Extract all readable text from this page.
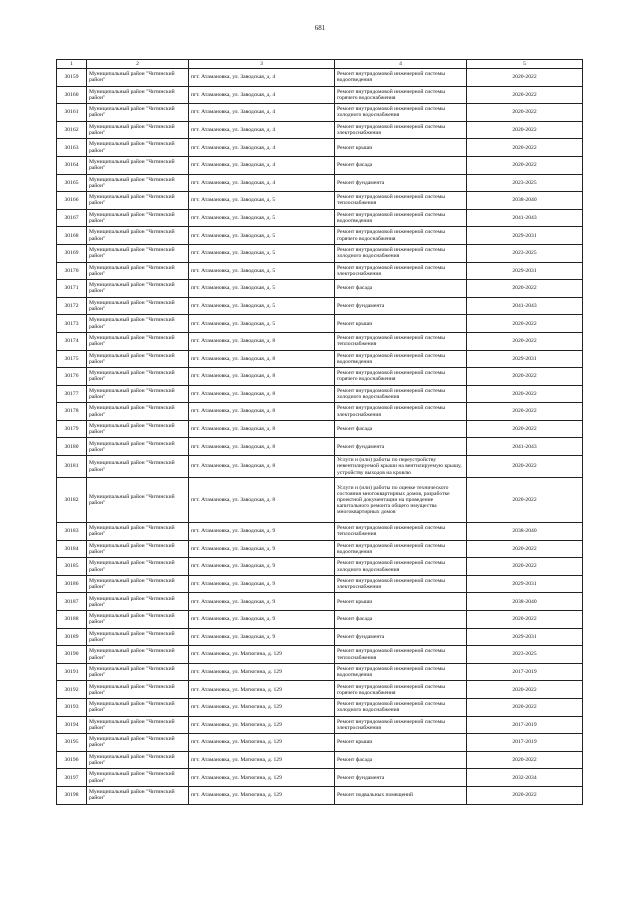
681
1	2	3	4	5
30159	Муниципальный район "Читинский район"	пгт. Атамановка, ул. Заводская, д. 4	Ремонт внутридомовой инженерной системы водоотведения	2020-2022
30160	Муниципальный район "Читинский район"	пгт. Атамановка, ул. Заводская, д. 4	Ремонт внутридомовой инженерной системы горячего водоснабжения	2020-2022
30161	Муниципальный район "Читинский район"	пгт. Атамановка, ул. Заводская, д. 4	Ремонт внутридомовой инженерной системы холодного водоснабжения	2020-2022
30162	Муниципальный район "Читинский район"	пгт. Атамановка, ул. Заводская, д. 4	Ремонт внутридомовой инженерной системы электроснабжения	2020-2022
30163	Муниципальный район "Читинский район"	пгт. Атамановка, ул. Заводская, д. 4	Ремонт крыши	2020-2022
30164	Муниципальный район "Читинский район"	пгт. Атамановка, ул. Заводская, д. 4	Ремонт фасада	2020-2022
30165	Муниципальный район "Читинский район"	пгт. Атамановка, ул. Заводская, д. 4	Ремонт фундамента	2023-2025
30166	Муниципальный район "Читинский район"	пгт. Атамановка, ул. Заводская, д. 5	Ремонт внутридомовой инженерной системы теплоснабжения	2038-2040
30167	Муниципальный район "Читинский район"	пгт. Атамановка, ул. Заводская, д. 5	Ремонт внутридомовой инженерной системы водоотведения	2041-2043
30168	Муниципальный район "Читинский район"	пгт. Атамановка, ул. Заводская, д. 5	Ремонт внутридомовой инженерной системы горячего водоснабжения	2029-2031
30169	Муниципальный район "Читинский район"	пгт. Атамановка, ул. Заводская, д. 5	Ремонт внутридомовой инженерной системы холодного водоснабжения	2023-2025
30170	Муниципальный район "Читинский район"	пгт. Атамановка, ул. Заводская, д. 5	Ремонт внутридомовой инженерной системы электроснабжения	2029-2031
30171	Муниципальный район "Читинский район"	пгт. Атамановка, ул. Заводская, д. 5	Ремонт фасада	2020-2022
30172	Муниципальный район "Читинский район"	пгт. Атамановка, ул. Заводская, д. 5	Ремонт фундамента	2041-2043
30173	Муниципальный район "Читинский район"	пгт. Атамановка, ул. Заводская, д. 5	Ремонт крыши	2020-2022
30174	Муниципальный район "Читинский район"	пгт. Атамановка, ул. Заводская, д. 8	Ремонт внутридомовой инженерной системы теплоснабжения	2020-2022
30175	Муниципальный район "Читинский район"	пгт. Атамановка, ул. Заводская, д. 8	Ремонт внутридомовой инженерной системы водоотведения	2029-2031
30176	Муниципальный район "Читинский район"	пгт. Атамановка, ул. Заводская, д. 8	Ремонт внутридомовой инженерной системы горячего водоснабжения	2020-2022
30177	Муниципальный район "Читинский район"	пгт. Атамановка, ул. Заводская, д. 8	Ремонт внутридомовой инженерной системы холодного водоснабжения	2020-2022
30178	Муниципальный район "Читинский район"	пгт. Атамановка, ул. Заводская, д. 8	Ремонт внутридомовой инженерной системы электроснабжения	2020-2022
30179	Муниципальный район "Читинский район"	пгт. Атамановка, ул. Заводская, д. 8	Ремонт фасада	2020-2022
30180	Муниципальный район "Читинский район"	пгт. Атамановка, ул. Заводская, д. 8	Ремонт фундамента	2041-2043
30181	Муниципальный район "Читинский район"	пгт. Атамановка, ул. Заводская, д. 8	Услуги и (или) работы по переустройству невентилируемой крыши на вентилируемую крышу, устройству выходов на кровлю	2020-2022
30182	Муниципальный район "Читинский район"	пгт. Атамановка, ул. Заводская, д. 8	Услуги и (или) работы по оценке технического состояния многоквартирных домов, разработке проектной документации на проведение капитального ремонта общего имущества многоквартирных домов	2020-2022
30183	Муниципальный район "Читинский район"	пгт. Атамановка, ул. Заводская, д. 9	Ремонт внутридомовой инженерной системы теплоснабжения	2038-2040
30184	Муниципальный район "Читинский район"	пгт. Атамановка, ул. Заводская, д. 9	Ремонт внутридомовой инженерной системы водоотведения	2020-2022
30185	Муниципальный район "Читинский район"	пгт. Атамановка, ул. Заводская, д. 9	Ремонт внутридомовой инженерной системы холодного водоснабжения	2020-2022
30186	Муниципальный район "Читинский район"	пгт. Атамановка, ул. Заводская, д. 9	Ремонт внутридомовой инженерной системы электроснабжения	2029-2031
30187	Муниципальный район "Читинский район"	пгт. Атамановка, ул. Заводская, д. 9	Ремонт крыши	2038-2040
30188	Муниципальный район "Читинский район"	пгт. Атамановка, ул. Заводская, д. 9	Ремонт фасада	2020-2022
30189	Муниципальный район "Читинский район"	пгт. Атамановка, ул. Заводская, д. 9	Ремонт фундамента	2029-2031
30190	Муниципальный район "Читинский район"	пгт. Атамановка, ул. Матюгина, д. 129	Ремонт внутридомовой инженерной системы теплоснабжения	2023-2025
30191	Муниципальный район "Читинский район"	пгт. Атамановка, ул. Матюгина, д. 129	Ремонт внутридомовой инженерной системы водоотведения	2017-2019
30192	Муниципальный район "Читинский район"	пгт. Атамановка, ул. Матюгина, д. 129	Ремонт внутридомовой инженерной системы горячего водоснабжения	2020-2022
30193	Муниципальный район "Читинский район"	пгт. Атамановка, ул. Матюгина, д. 129	Ремонт внутридомовой инженерной системы холодного водоснабжения	2020-2022
30194	Муниципальный район "Читинский район"	пгт. Атамановка, ул. Матюгина, д. 129	Ремонт внутридомовой инженерной системы электроснабжения	2017-2019
30195	Муниципальный район "Читинский район"	пгт. Атамановка, ул. Матюгина, д. 129	Ремонт крыши	2017-2019
30196	Муниципальный район "Читинский район"	пгт. Атамановка, ул. Матюгина, д. 129	Ремонт фасада	2020-2022
30197	Муниципальный район "Читинский район"	пгт. Атамановка, ул. Матюгина, д. 129	Ремонт фундамента	2032-2034
30198	Муниципальный район "Читинский район"	пгт. Атамановка, ул. Матюгина, д. 129	Ремонт подвальных помещений	2020-2022
